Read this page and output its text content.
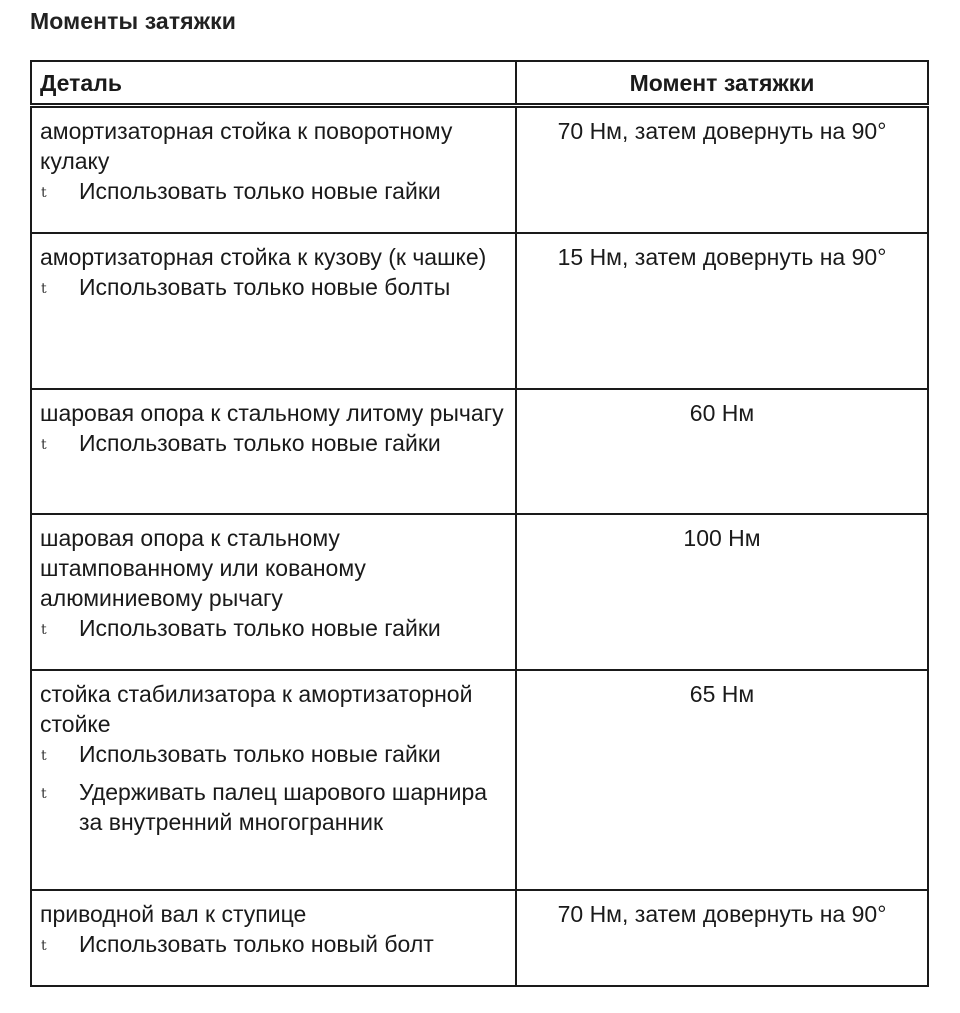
Моменты затяжки
Деталь	Момент затяжки

амортизаторная стойка к поворотному кулаку
t Использовать только новые гайки	70 Нм, затем довернуть на 90°

амортизаторная стойка к кузову (к чашке)
t Использовать только новые болты	15 Нм, затем довернуть на 90°

шаровая опора к стальному литому рычагу
t Использовать только новые гайки	60 Нм

шаровая опора к стальному штампованному или кованому алюминиевому рычагу
t Использовать только новые гайки	100 Нм

стойка стабилизатора к амортизаторной стойке
t Использовать только новые гайки
t Удерживать палец шарового шарнира за внутренний многогранник	65 Нм

приводной вал к ступице
t Использовать только новый болт	70 Нм, затем довернуть на 90°
